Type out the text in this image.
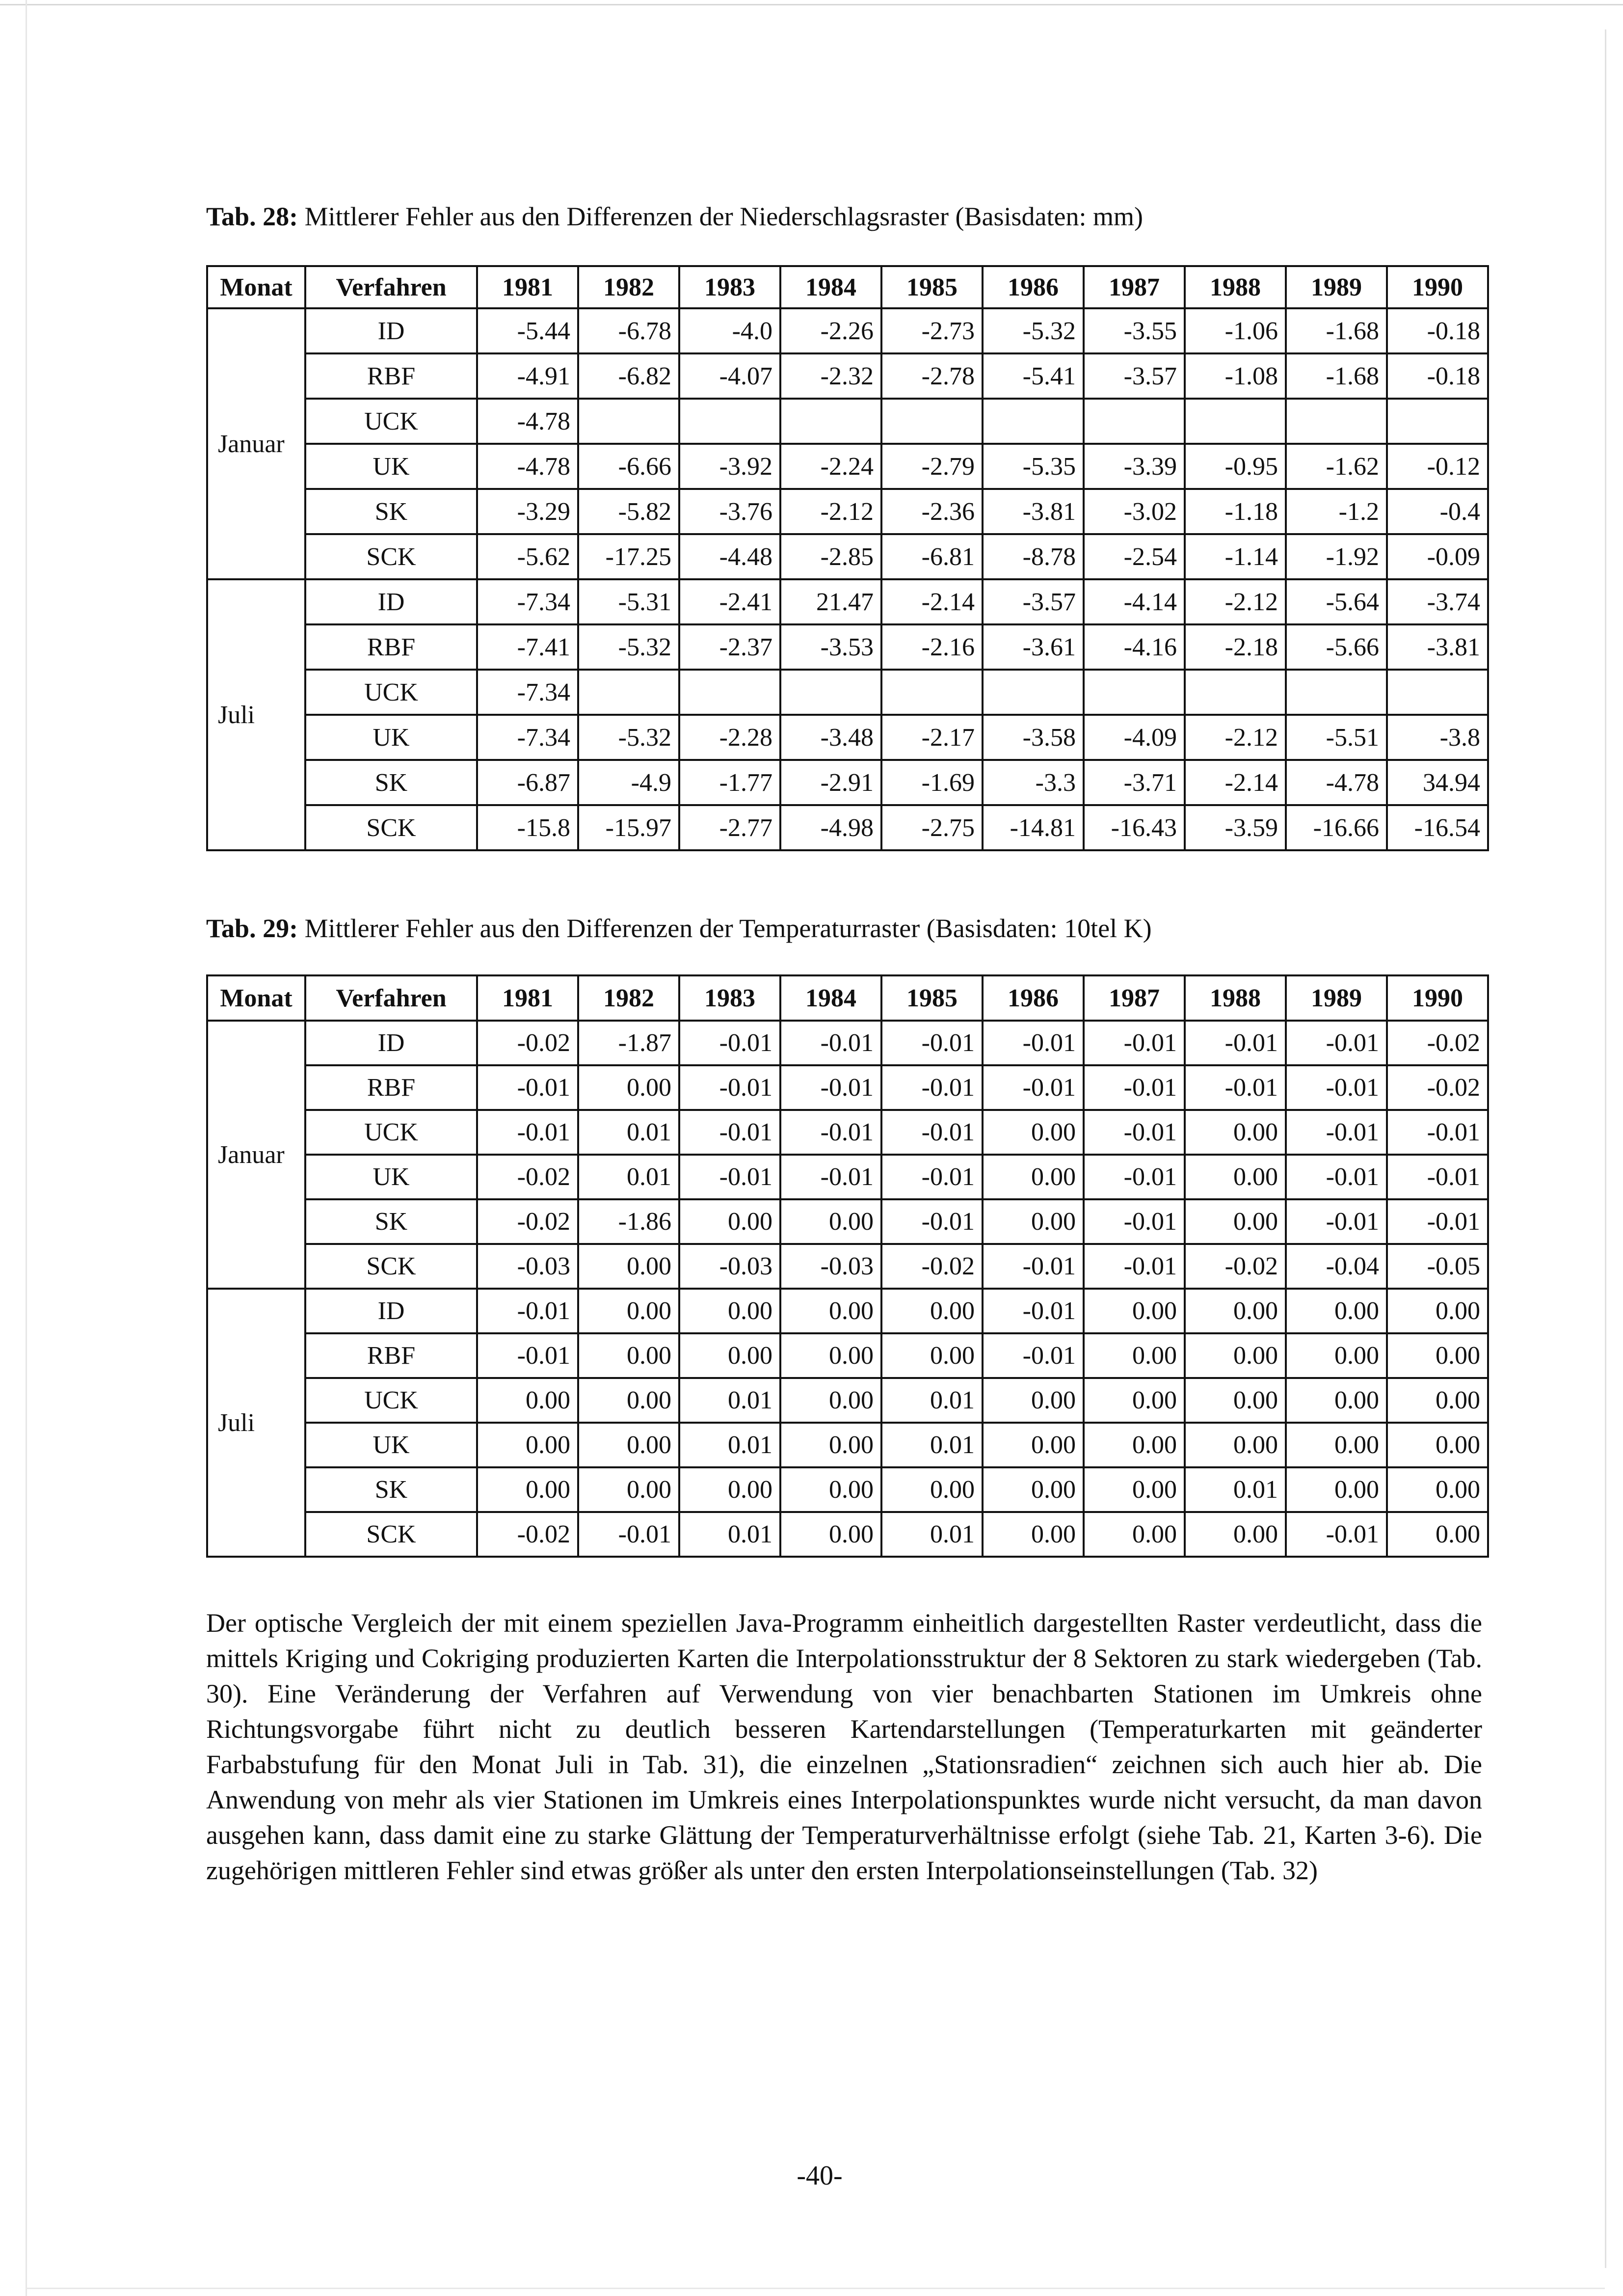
Tab. 28: Mittlerer Fehler aus den Differenzen der Niederschlagsraster (Basisdaten: mm)
Monat	Verfahren	1981	1982	1983	1984	1985	1986	1987	1988	1989	1990
Januar	ID	-5.44	-6.78	-4.0	-2.26	-2.73	-5.32	-3.55	-1.06	-1.68	-0.18
	RBF	-4.91	-6.82	-4.07	-2.32	-2.78	-5.41	-3.57	-1.08	-1.68	-0.18
	UCK	-4.78									
	UK	-4.78	-6.66	-3.92	-2.24	-2.79	-5.35	-3.39	-0.95	-1.62	-0.12
	SK	-3.29	-5.82	-3.76	-2.12	-2.36	-3.81	-3.02	-1.18	-1.2	-0.4
	SCK	-5.62	-17.25	-4.48	-2.85	-6.81	-8.78	-2.54	-1.14	-1.92	-0.09
Juli	ID	-7.34	-5.31	-2.41	21.47	-2.14	-3.57	-4.14	-2.12	-5.64	-3.74
	RBF	-7.41	-5.32	-2.37	-3.53	-2.16	-3.61	-4.16	-2.18	-5.66	-3.81
	UCK	-7.34									
	UK	-7.34	-5.32	-2.28	-3.48	-2.17	-3.58	-4.09	-2.12	-5.51	-3.8
	SK	-6.87	-4.9	-1.77	-2.91	-1.69	-3.3	-3.71	-2.14	-4.78	34.94
	SCK	-15.8	-15.97	-2.77	-4.98	-2.75	-14.81	-16.43	-3.59	-16.66	-16.54
Tab. 29: Mittlerer Fehler aus den Differenzen der Temperaturraster (Basisdaten: 10tel K)
Monat	Verfahren	1981	1982	1983	1984	1985	1986	1987	1988	1989	1990
Januar	ID	-0.02	-1.87	-0.01	-0.01	-0.01	-0.01	-0.01	-0.01	-0.01	-0.02
	RBF	-0.01	0.00	-0.01	-0.01	-0.01	-0.01	-0.01	-0.01	-0.01	-0.02
	UCK	-0.01	0.01	-0.01	-0.01	-0.01	0.00	-0.01	0.00	-0.01	-0.01
	UK	-0.02	0.01	-0.01	-0.01	-0.01	0.00	-0.01	0.00	-0.01	-0.01
	SK	-0.02	-1.86	0.00	0.00	-0.01	0.00	-0.01	0.00	-0.01	-0.01
	SCK	-0.03	0.00	-0.03	-0.03	-0.02	-0.01	-0.01	-0.02	-0.04	-0.05
Juli	ID	-0.01	0.00	0.00	0.00	0.00	-0.01	0.00	0.00	0.00	0.00
	RBF	-0.01	0.00	0.00	0.00	0.00	-0.01	0.00	0.00	0.00	0.00
	UCK	0.00	0.00	0.01	0.00	0.01	0.00	0.00	0.00	0.00	0.00
	UK	0.00	0.00	0.01	0.00	0.01	0.00	0.00	0.00	0.00	0.00
	SK	0.00	0.00	0.00	0.00	0.00	0.00	0.00	0.01	0.00	0.00
	SCK	-0.02	-0.01	0.01	0.00	0.01	0.00	0.00	0.00	-0.01	0.00
Der optische Vergleich der mit einem speziellen Java-Programm einheitlich dargestellten Raster verdeutlicht, dass die mittels Kriging und Cokriging produzierten Karten die Interpolationsstruktur der 8 Sektoren zu stark wiedergeben (Tab. 30). Eine Veränderung der Verfahren auf Verwendung von vier benachbarten Stationen im Umkreis ohne Richtungsvorgabe führt nicht zu deutlich besseren Kartendarstellungen (Temperaturkarten mit geänderter Farbabstufung für den Monat Juli in Tab. 31), die einzelnen „Stationsradien“ zeichnen sich auch hier ab. Die Anwendung von mehr als vier Stationen im Umkreis eines Interpolationspunktes wurde nicht versucht, da man davon ausgehen kann, dass damit eine zu starke Glättung der Temperaturverhältnisse erfolgt (siehe Tab. 21, Karten 3-6). Die zugehörigen mittleren Fehler sind etwas größer als unter den ersten Interpolationseinstellungen (Tab. 32)
-40-
